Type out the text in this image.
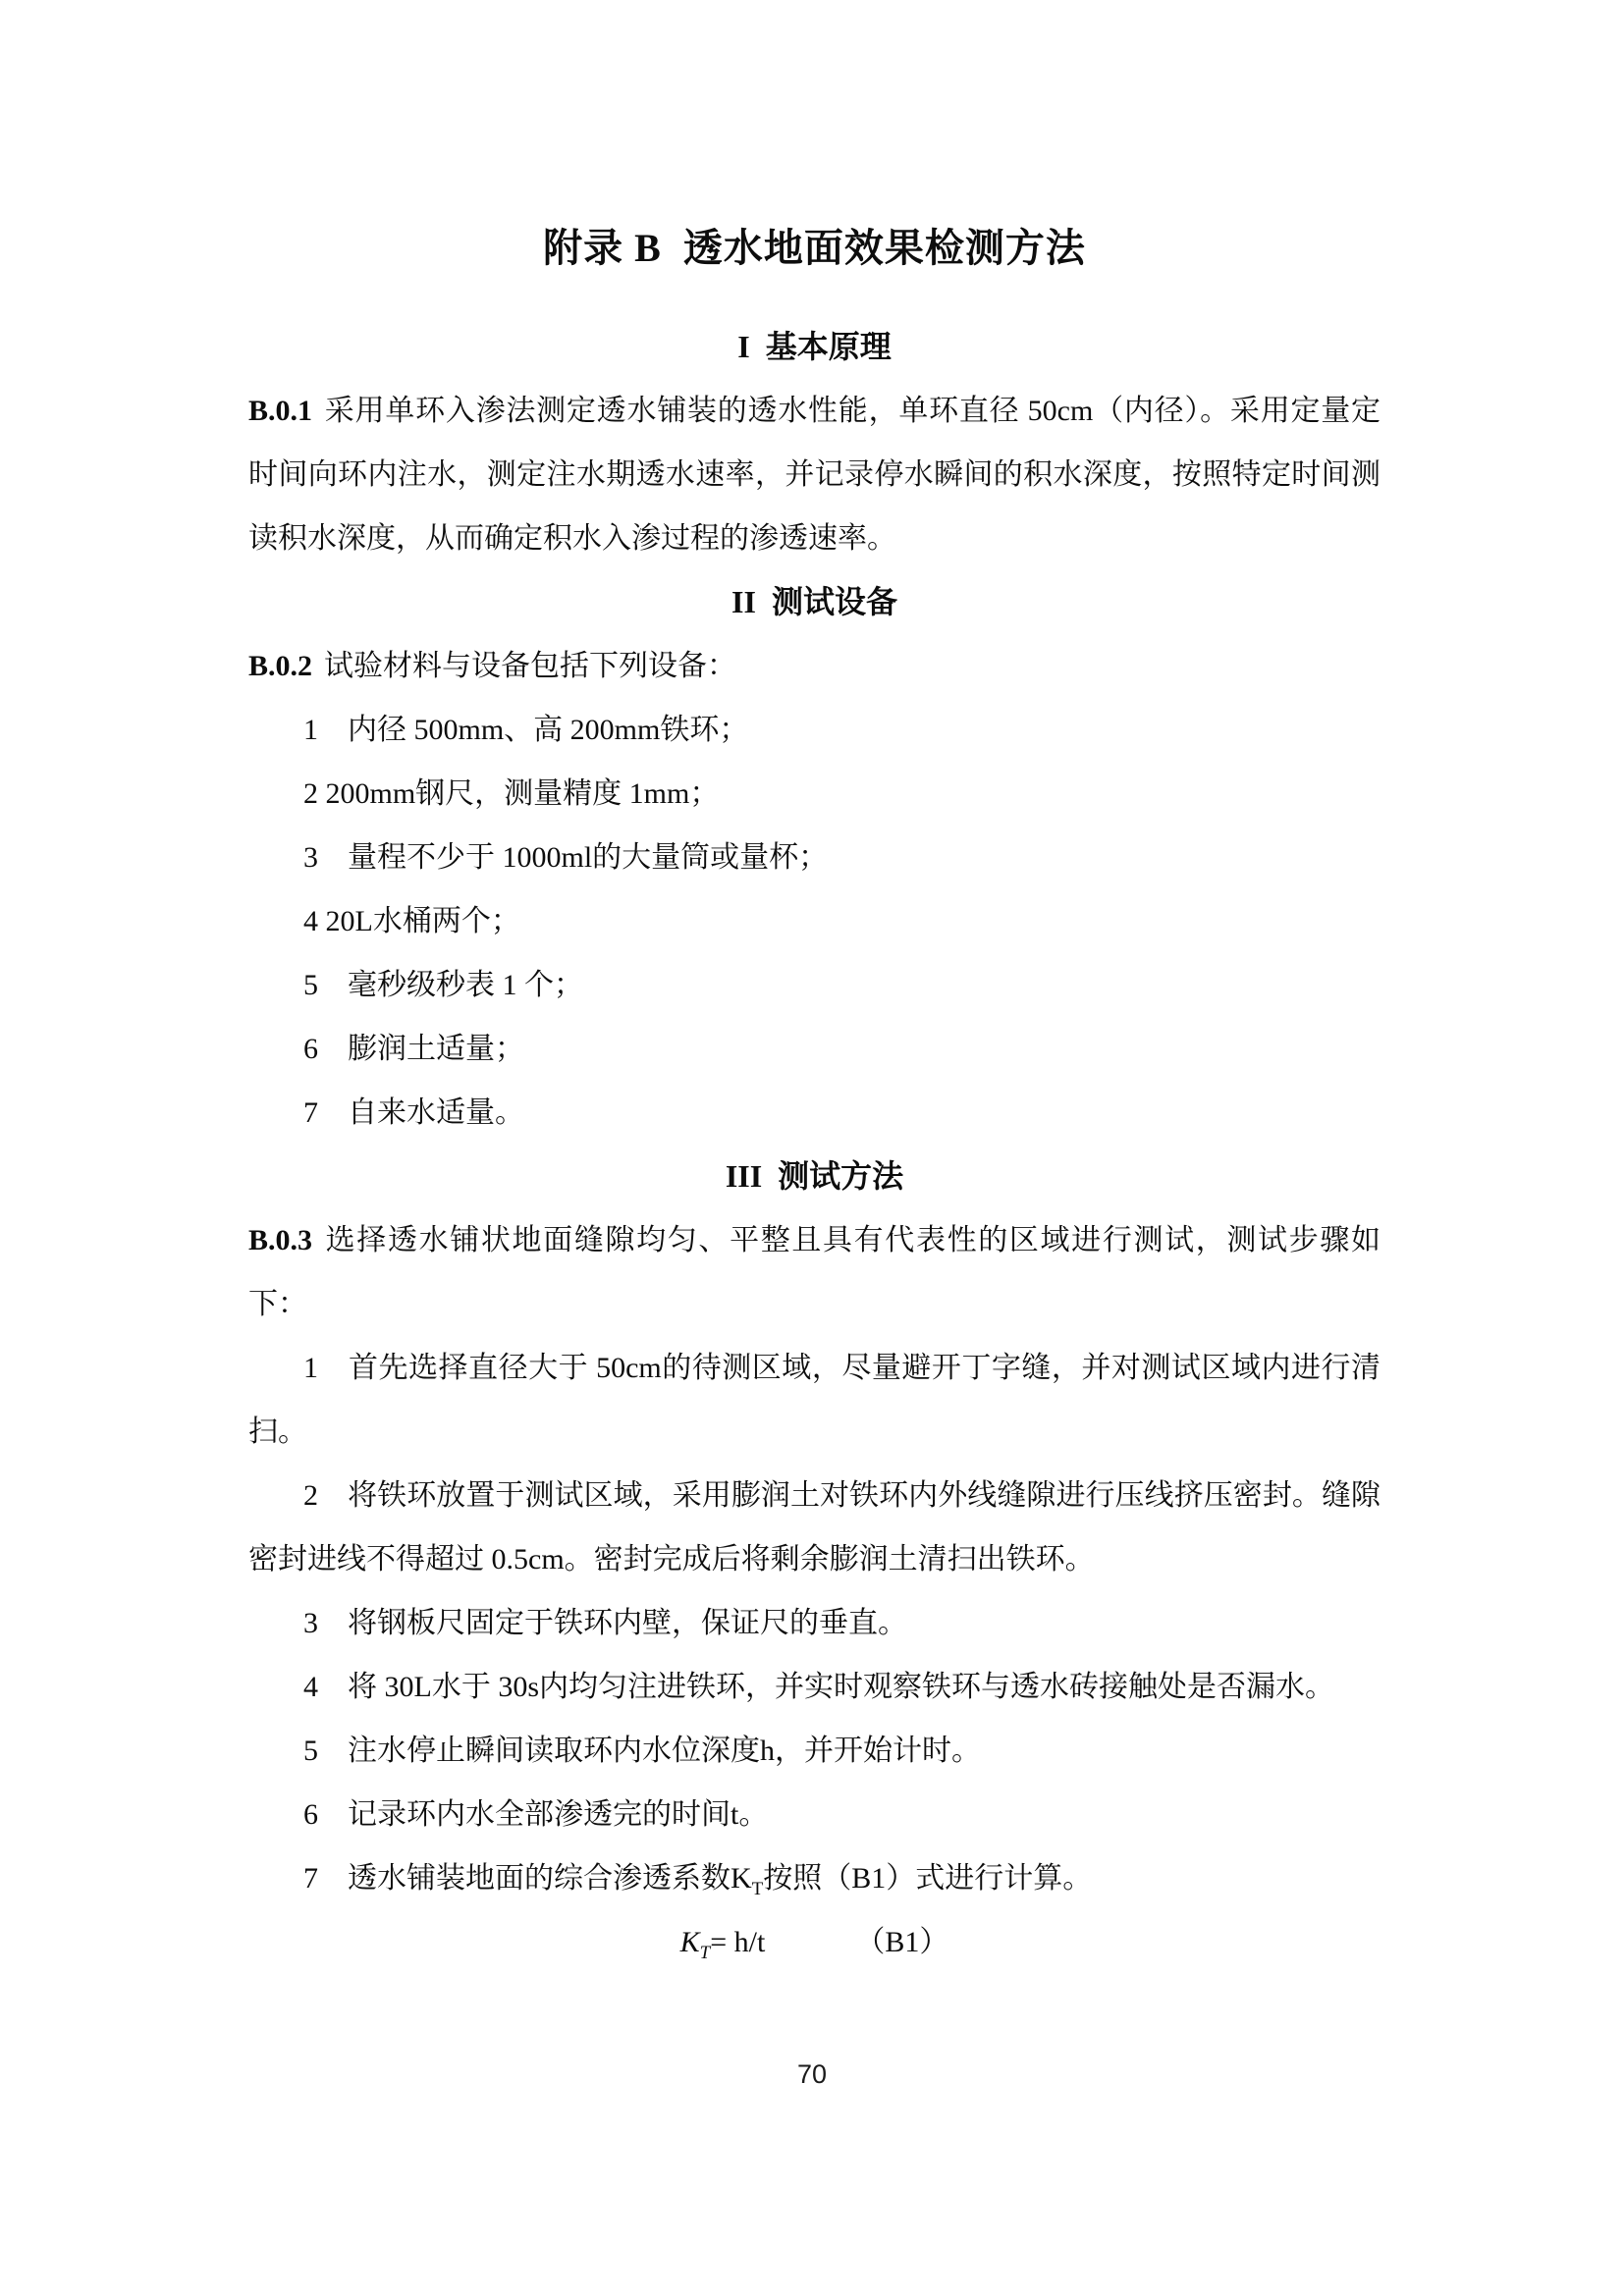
附录 B  透水地面效果检测方法
I  基本原理

B.0.1 采用单环入渗法测定透水铺装的透水性能，单环直径 50cm（内径）。采用定量定时间向环内注水，测定注水期透水速率，并记录停水瞬间的积水深度，按照特定时间测读积水深度，从而确定积水入渗过程的渗透速率。

II  测试设备

B.0.2 试验材料与设备包括下列设备：

1　内径 500mm、高 200mm铁环；

2 200mm钢尺，测量精度 1mm；

3　量程不少于 1000ml的大量筒或量杯；

4 20L水桶两个；

5　毫秒级秒表 1 个；

6　膨润土适量；

7　自来水适量。

III  测试方法

B.0.3 选择透水铺状地面缝隙均匀、平整且具有代表性的区域进行测试，测试步骤如下：

1　首先选择直径大于 50cm的待测区域，尽量避开丁字缝，并对测试区域内进行清扫。

2　将铁环放置于测试区域，采用膨润土对铁环内外线缝隙进行压线挤压密封。缝隙密封进线不得超过 0.5cm。密封完成后将剩余膨润土清扫出铁环。

3　将钢板尺固定于铁环内壁，保证尺的垂直。

4　将 30L水于 30s内均匀注进铁环，并实时观察铁环与透水砖接触处是否漏水。

5　注水停止瞬间读取环内水位深度h，并开始计时。

6　记录环内水全部渗透完的时间t。

7　透水铺装地面的综合渗透系数$K_T$按照（B1）式进行计算。

$K_T= h/t$	（B1）
70
